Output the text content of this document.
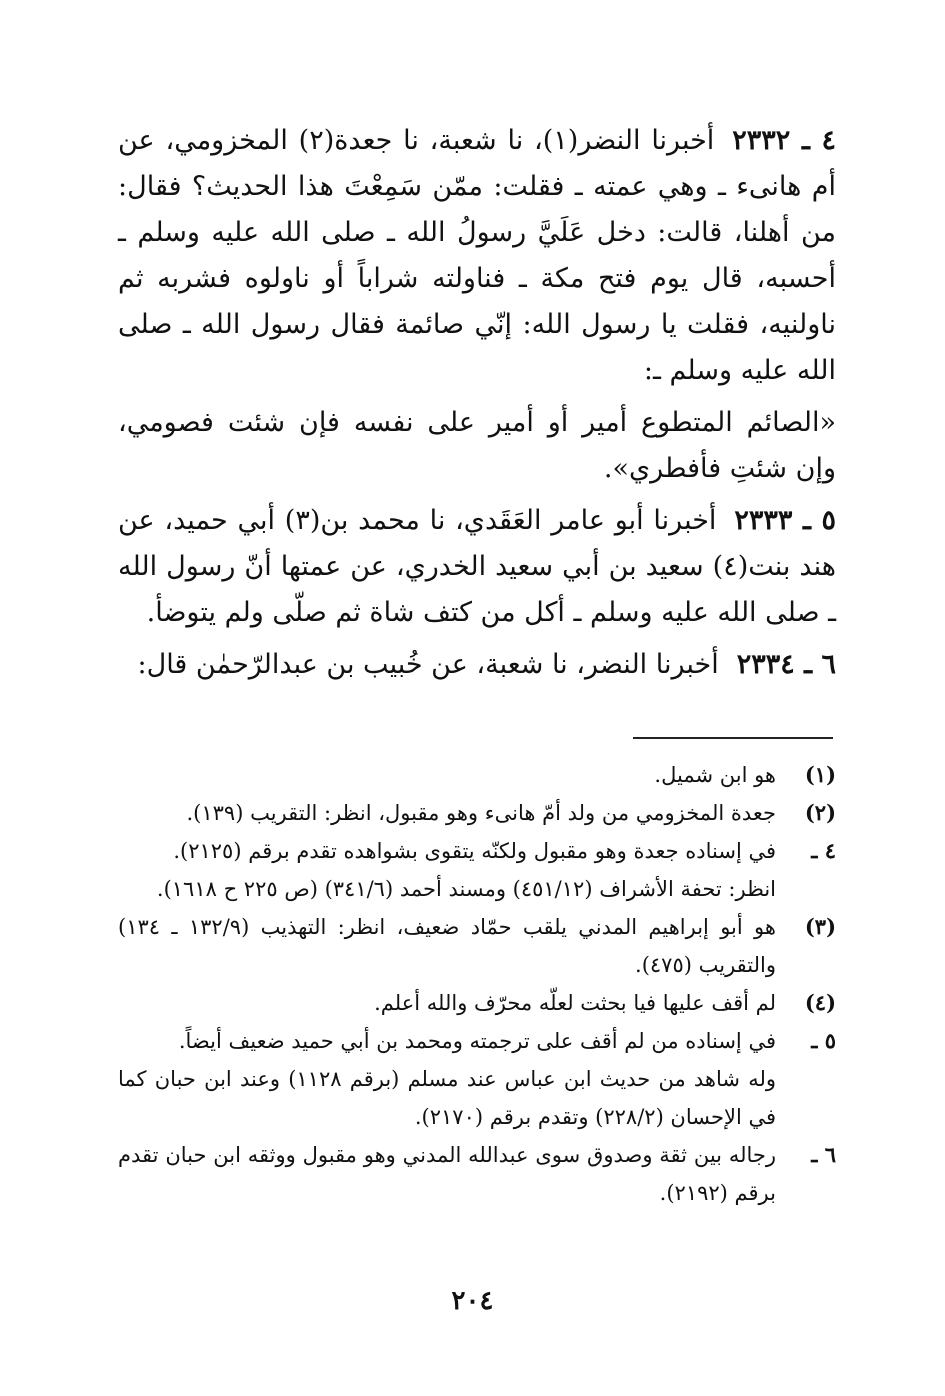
٤ ـ ٢٣٣٢أخبرنا النضر(١)، نا شعبة، نا جعدة(٢) المخزومي، عن أم هانىء ـ وهي عمته ـ فقلت: ممّن سَمِعْتَ هذا الحديث؟ فقال: من أهلنا، قالت: دخل عَلَيَّ رسولُ الله ـ صلى الله عليه وسلم ـ أحسبه، قال يوم فتح مكة ـ فناولته شراباً أو ناولوه فشربه ثم ناولنيه، فقلت يا رسول الله: إنّي صائمة فقال رسول الله ـ صلى الله عليه وسلم ـ:

«الصائم المتطوع أمير أو أمير على نفسه فإن شئت فصومي، وإن شئتِ فأفطري».

٥ ـ ٢٣٣٣أخبرنا أبو عامر العَقَدي، نا محمد بن(٣) أبي حميد، عن هند بنت(٤) سعيد بن أبي سعيد الخدري، عن عمتها أنّ رسول الله ـ صلى الله عليه وسلم ـ أكل من كتف شاة ثم صلّى ولم يتوضأ.

٦ ـ ٢٣٣٤أخبرنا النضر، نا شعبة، عن خُبيب بن عبدالرّحمٰن قال:

(١)
هو ابن شميل.
(٢)
جعدة المخزومي من ولد أمّ هانىء وهو مقبول، انظر: التقريب (١٣٩).
٤ ـ
في إسناده جعدة وهو مقبول ولكنّه يتقوى بشواهده تقدم برقم (٢١٢٥).
انظر: تحفة الأشراف (٤٥١/١٢) ومسند أحمد (٣٤١/٦) (ص ٢٢٥ ح ١٦١٨).
(٣)
هو أبو إبراهيم المدني يلقب حمّاد ضعيف، انظر: التهذيب (١٣٢/٩ ـ ١٣٤) والتقريب (٤٧٥).
(٤)
لم أقف عليها فيا بحثت لعلّه محرّف والله أعلم.
٥ ـ
في إسناده من لم أقف على ترجمته ومحمد بن أبي حميد ضعيف أيضاً.
وله شاهد من حديث ابن عباس عند مسلم (برقم ١١٢٨) وعند ابن حبان كما في الإحسان (٢٢٨/٢) وتقدم برقم (٢١٧٠).
٦ ـ
رجاله بين ثقة وصدوق سوى عبدالله المدني وهو مقبول ووثقه ابن حبان تقدم برقم (٢١٩٢).
٢٠٤
